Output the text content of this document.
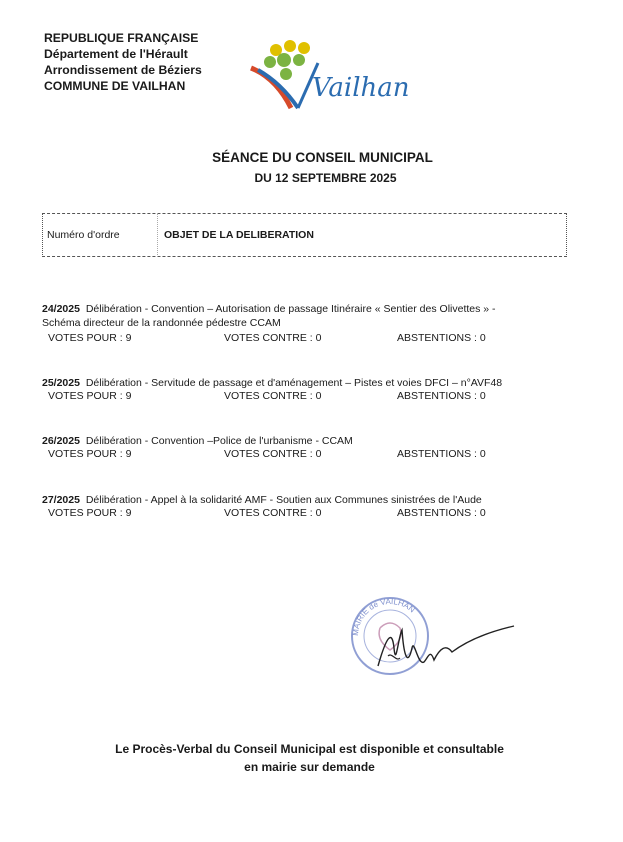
REPUBLIQUE FRANÇAISE
Département de l'Hérault
Arrondissement de Béziers
COMMUNE DE VAILHAN	Vailhan
SÉANCE DU CONSEIL MUNICIPAL
DU 12 SEPTEMBRE 2025
Numéro d'ordre	OBJET DE LA DELIBERATION
24/2025 Délibération - Convention – Autorisation de passage Itinéraire « Sentier des Olivettes » -
Schéma directeur de la randonnée pédestre CCAM
VOTES POUR : 9	VOTES CONTRE : 0	ABSTENTIONS : 0
25/2025 Délibération - Servitude de passage et d'aménagement – Pistes et voies DFCI – n°AVF48
VOTES POUR : 9	VOTES CONTRE : 0	ABSTENTIONS : 0
26/2025 Délibération - Convention –Police de l'urbanisme - CCAM
VOTES POUR : 9	VOTES CONTRE : 0	ABSTENTIONS : 0
27/2025 Délibération - Appel à la solidarité AMF - Soutien aux Communes sinistrées de l'Aude
VOTES POUR : 9	VOTES CONTRE : 0	ABSTENTIONS : 0
MAIRIE de VAILHAN
Le Procès-Verbal du Conseil Municipal est disponible et consultable
en mairie sur demande
